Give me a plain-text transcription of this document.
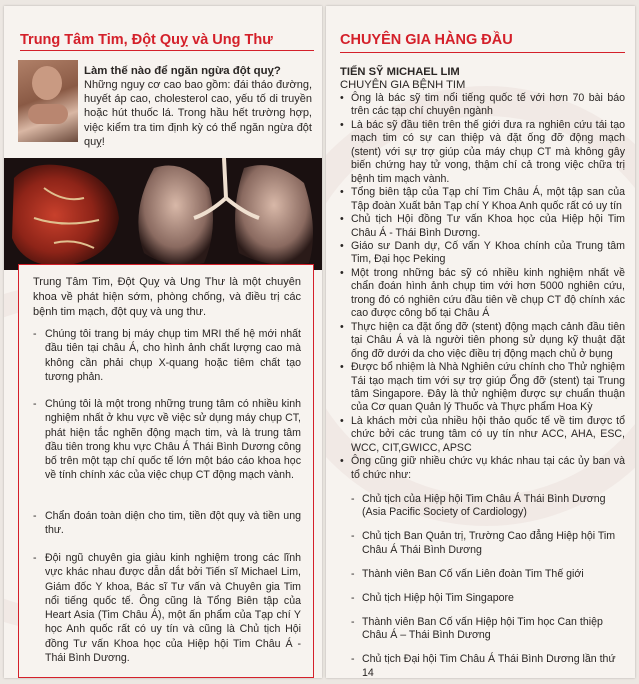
Trung Tâm Tim, Đột Quỵ và Ung Thư
Làm thế nào để ngăn ngừa đột quỵ?
Những nguy cơ cao bao gồm: đái tháo đường, huyết áp cao, cholesterol cao, yếu tố di truyền hoặc hút thuốc lá. Trong hầu hết trường hợp, việc kiểm tra tim định kỳ có thể ngăn ngừa đột quỵ!
Trung Tâm Tim, Đột Quỵ và Ung Thư là một chuyên khoa về phát hiện sớm, phòng chống, và điều trị các bệnh tim mạch, đột quỵ và ung thư.
- Chúng tôi trang bị máy chụp tim MRI thế hệ mới nhất đầu tiên tại châu Á, cho hình ảnh chất lượng cao mà không cần phải chụp X-quang hoặc tiêm chất tạo tương phản.
- Chúng tôi là một trong những trung tâm có nhiều kinh nghiệm nhất ở khu vực về việc sử dụng máy chụp CT, phát hiện tắc nghẽn động mạch tim, và là trung tâm đầu tiên trong khu vực Châu Á Thái Bình Dương công bố trên một tạp chí quốc tế lớn một báo cáo khoa học về tính chính xác của việc chụp CT động mạch vành.
- Chẩn đoán toàn diện cho tim, tiền đột quỵ và tiền ung thư.
- Đội ngũ chuyên gia giàu kinh nghiệm trong các lĩnh vực khác nhau được dẫn dắt bởi Tiến sĩ Michael Lim, Giám đốc Y khoa, Bác sĩ Tư vấn và Chuyên gia Tim nổi tiếng quốc tế. Ông cũng là Tổng Biên tập của Heart Asia (Tim Châu Á), một ấn phẩm của Tạp chí Y học Anh quốc rất có uy tín và cũng là Chủ tịch Hội đồng Tư vấn Khoa học của Hiệp hội Tim Châu Á - Thái Bình Dương.
CHUYÊN GIA HÀNG ĐẦU
TIẾN SỸ MICHAEL LIM
CHUYÊN GIA BỆNH TIM

• Ông là bác sỹ tim nổi tiếng quốc tế với hơn 70 bài báo trên các tạp chí chuyên ngành

• Là bác sỹ đầu tiên trên thế giới đưa ra nghiên cứu tái tạo mạch tim có sự can thiệp và đặt ống đỡ động mạch (stent) với sự trợ giúp của máy chụp CT mà không gây biến chứng hay tử vong, thậm chí cả trong việc chữa trị bệnh tim mạch vành.

• Tổng biên tập của Tạp chí Tim Châu Á, một tập san của Tập đoàn Xuất bản Tạp chí Y Khoa Anh quốc rất có uy tín

• Chủ tịch Hội đồng Tư vấn Khoa học của Hiệp hội Tim Châu Á - Thái Bình Dương.

• Giáo sư Danh dự, Cố vấn Y Khoa chính của Trung tâm Tim, Đại học Peking

• Một trong những bác sỹ có nhiều kinh nghiệm nhất về chẩn đoán hình ảnh chụp tim với hơn 5000 nghiên cứu, trong đó có nghiên cứu đầu tiên về chụp CT độ chính xác cao được công bố tại Châu Á

• Thực hiện ca đặt ống đỡ (stent) động mạch cảnh đầu tiên tại Châu Á và là người tiên phong sử dụng kỹ thuật đặt ống đỡ dưới da cho việc điều trị động mạch chủ ở bụng

• Được bổ nhiệm là Nhà Nghiên cứu chính cho Thử nghiệm Tái tạo mạch tim với sự trợ giúp Ống đỡ (stent) tại Trung tâm Singapore. Đây là thử nghiệm được sự chuẩn thuận của Cơ quan Quản lý Thuốc và Thực phẩm Hoa Kỳ

• Là khách mời của nhiều hội thảo quốc tế về tim được tổ chức bởi các trung tâm có uy tín như ACC, AHA, ESC, WCC, CIT,GWICC, APSC

• Ông cũng giữ nhiều chức vụ khác nhau tại các ủy ban và tổ chức như:

- Chủ tịch của Hiệp hội Tim Châu Á Thái Bình Dương (Asia Pacific Society of Cardiology)

- Chủ tịch Ban Quản trị, Trường Cao đẳng Hiệp hội Tim Châu Á Thái Bình Dương

- Thành viên Ban Cố vấn Liên đoàn Tim Thế giới

- Chủ tịch Hiệp hội Tim Singapore

- Thành viên Ban Cố vấn Hiệp hội Tim học Can thiệp Châu Á – Thái Bình Dương

- Chủ tịch Đại hội Tim Châu Á Thái Bình Dương lần thứ 14
